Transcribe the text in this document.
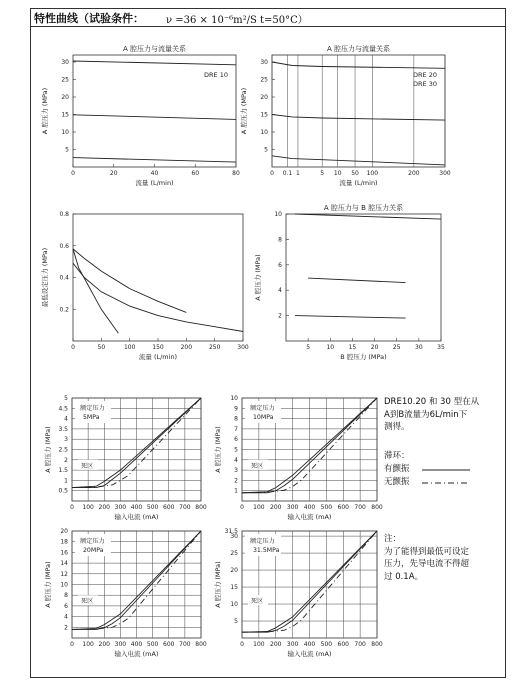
特性曲线（试验条件： ν =36 × 10⁻⁶m²/S t=50°C）
0	20	40	60	80
5
10
15
20
25
30
A 腔压力与流量关系
流量 (L/min)
A 腔压力 (MPa)
DRE 10
0 0.1 1	5 10 50 100	200	300
5
10
15
20
25
30
A 腔压力与流量关系
流量 (L/min)
A 腔压力 (MPa)
DRE 20
DRE 30
0	50	100	150	200	250	300
0.2
0.4
0.6
0.8
流量 (L/min)
最低设定压力 (MPa)
5	10 15 20 25 30 35
2
4
6
8
10
A 腔压力与 B 腔压力关系
B 腔压力 (MPa)
A 腔压力 (MPa)
0 100 200 300 400 500 600 700 800
0.5
1
1.5
2
2.5
3
3.5
4
4.5
5
输入电流 (mA)
A 腔压力 (MPa)
额定压力
5MPa
死区
0 100 200 300 400 500 600 700 800
1
2
3
4
5
6
7
8
9
10
输入电流 (mA)
A 腔压力 (MPa)
额定压力
10MPa
死区
0 100 200 300 400 500 600 700 800
2
4
6
8
10
12
14
16
18
20
输入电流 (mA)
A 腔压力 (MPa)
额定压力
20MPa
死区
0 100 200 300 400 500 600 700 800
5
10
15
20
25
30
31.5
输入电流 (mA)
A 腔压力 (MPa)
额定压力
31.5MPa
死区
DRE10.20 和 30 型在从
A到B流量为6L/min下
测得。
滞环：
有颤振
无颤振
注：
为了能得到最低可设定
压力，先导电流不得超
过 0.1A。
